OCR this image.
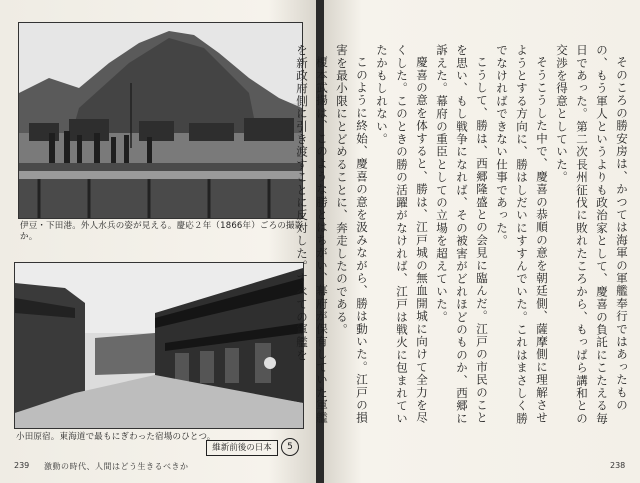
伊豆・下田港。外人水兵の姿が見える。慶応２年（1866年）ごろの撮影か。
小田原宿。東海道で最もにぎわった宿場のひとつ。
維新前後の日本	5
239 激動の時代、人間はどう生きるべきか

そのころの勝安房は、かつては海軍の軍艦奉行ではあったものの、もう軍人というよりも政治家として、慶喜の負託にこたえる毎日であった。第二次長州征伐に敗れたころから、もっぱら講和との交渉を得意としていた。

そうこうした中で、慶喜の恭順の意を朝廷側、薩摩側に理解させようとする方向に、勝はしだいにすすんでいた。これはまさしく勝でなければできない仕事であった。

こうして、勝は、西郷隆盛との会見に臨んだ。江戸の市民のことを思い、もし戦争になれば、その被害がどれほどのものか、西郷に訴えた。幕府の重臣としての立場を超えていた。

慶喜の意を体すると、勝は、江戸城の無血開城に向けて全力を尽くした。このときの勝の活躍がなければ、江戸は戦火に包まれていたかもしれない。

このように終始、慶喜の意を汲みながら、勝は動いた。江戸の損害を最小限にとどめることに、奔走したのである。

榎本武揚は、このような勝とはちがい、幕府が保有していた軍艦を新政府側に引き渡すことに反対した。すべての軍艦を

238
